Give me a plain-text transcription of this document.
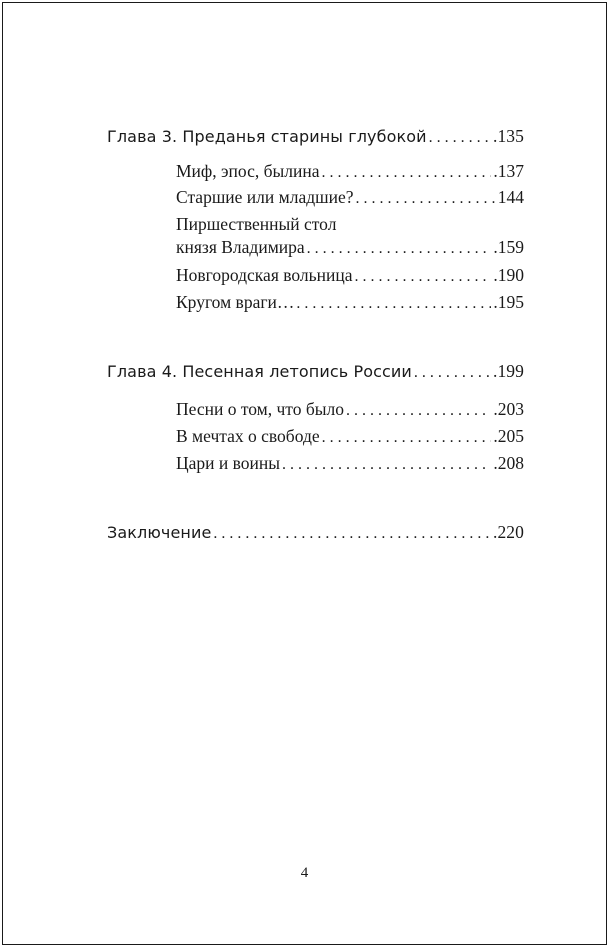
Глава 3. Преданья старины глубокой . . .	.135
Миф, эпос, былина . . .	.137
Старшие или младшие? . . .	144
Пиршественный стол
князя Владимира . . .	.159
Новгородская вольница . . .	.190
Кругом враги… . . .	.195
Глава 4. Песенная летопись России . . .	.199
Песни о том, что было . . .	.203
В мечтах о свободе . . .	.205
Цари и воины . . .	.208
Заключение . . .	.220
4
